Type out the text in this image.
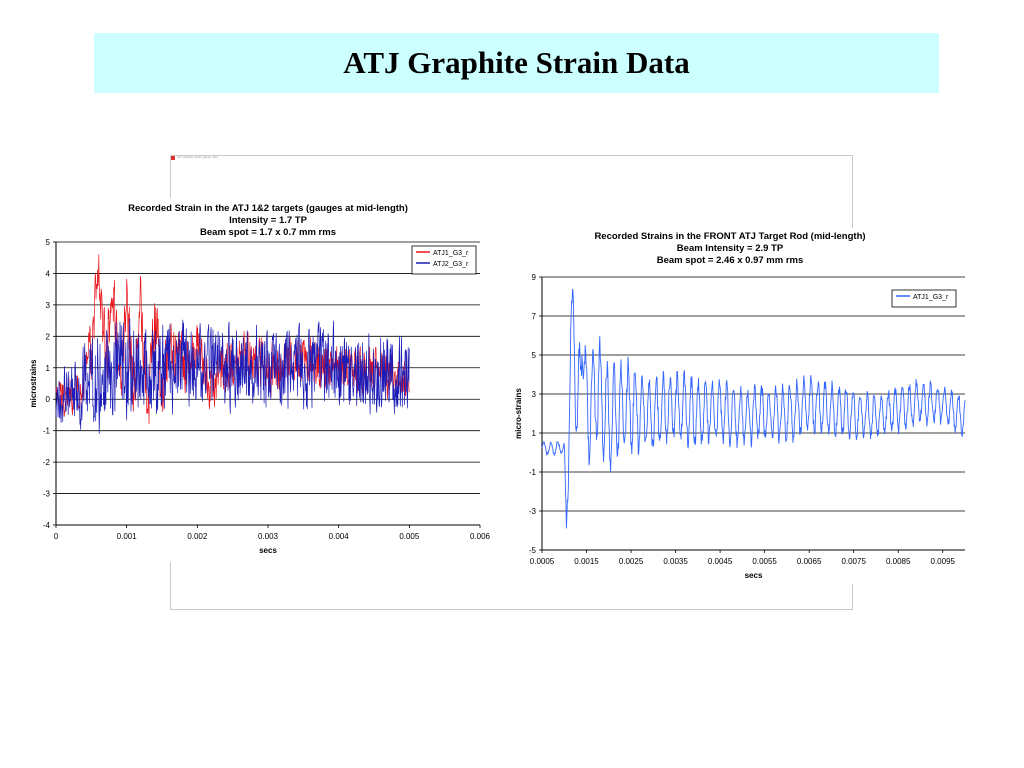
ATJ Graphite Strain Data
ATJ graphite strain gauge data
Recorded Strain in the ATJ 1&2 targets (gauges at mid-length)
Intensity = 1.7 TP
Beam spot = 1.7 x 0.7 mm rms
5
4
3
2
1
0
-1
-2
-3
-4
0	0.001	0.002	0.003	0.004	0.005	0.006
secs
microstrains
ATJ1_G3_r
ATJ2_G3_r
Recorded Strains in the FRONT ATJ Target Rod (mid-length)
Beam Intensity = 2.9 TP
Beam spot = 2.46 x 0.97 mm rms
9
7
5
3
1
-1
-3
-5
0.0005	0.0015	0.0025	0.0035	0.0045	0.0055	0.0065	0.0075	0.0085	0.0095
secs
micro-strains
ATJ1_G3_r
